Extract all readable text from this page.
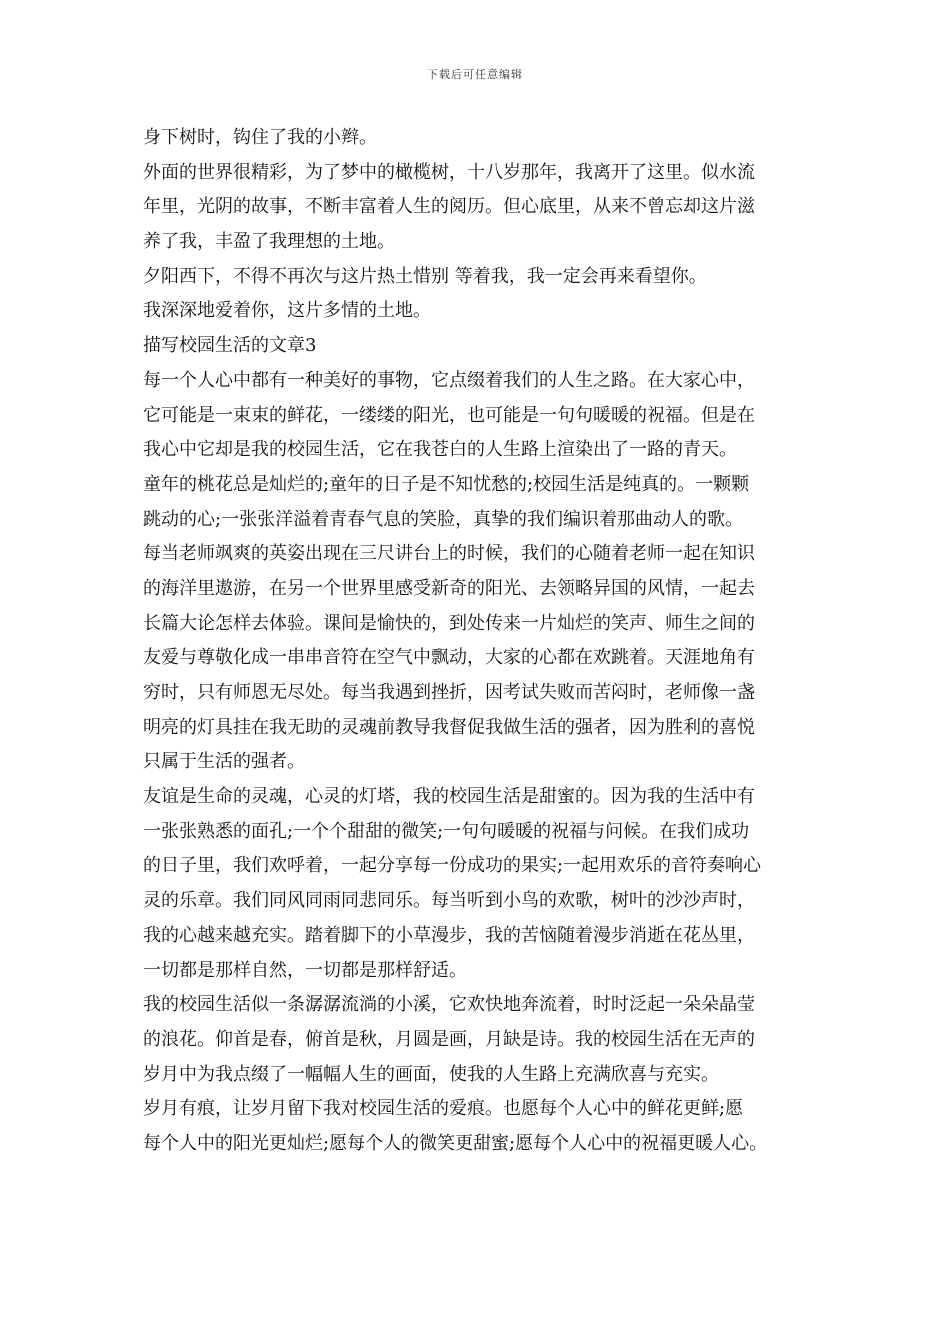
下载后可任意编辑
身下树时，钩住了我的小辫。
外面的世界很精彩，为了梦中的橄榄树，十八岁那年，我离开了这里。似水流
年里，光阴的故事，不断丰富着人生的阅历。但心底里，从来不曾忘却这片滋
养了我，丰盈了我理想的土地。
夕阳西下，不得不再次与这片热土惜别 等着我，我一定会再来看望你。
我深深地爱着你，这片多情的土地。
描写校园生活的文章3
每一个人心中都有一种美好的事物，它点缀着我们的人生之路。在大家心中，
它可能是一束束的鲜花，一缕缕的阳光，也可能是一句句暖暖的祝福。但是在
我心中它却是我的校园生活，它在我苍白的人生路上渲染出了一路的青天。
童年的桃花总是灿烂的;童年的日子是不知忧愁的;校园生活是纯真的。一颗颗
跳动的心;一张张洋溢着青春气息的笑脸，真挚的我们编识着那曲动人的歌。
每当老师飒爽的英姿出现在三尺讲台上的时候，我们的心随着老师一起在知识
的海洋里遨游，在另一个世界里感受新奇的阳光、去领略异国的风情，一起去
长篇大论怎样去体验。课间是愉快的，到处传来一片灿烂的笑声、师生之间的
友爱与尊敬化成一串串音符在空气中飘动，大家的心都在欢跳着。天涯地角有
穷时，只有师恩无尽处。每当我遇到挫折，因考试失败而苦闷时，老师像一盏
明亮的灯具挂在我无助的灵魂前教导我督促我做生活的强者，因为胜利的喜悦
只属于生活的强者。
友谊是生命的灵魂，心灵的灯塔，我的校园生活是甜蜜的。因为我的生活中有
一张张熟悉的面孔;一个个甜甜的微笑;一句句暖暖的祝福与问候。在我们成功
的日子里，我们欢呼着，一起分享每一份成功的果实;一起用欢乐的音符奏响心
灵的乐章。我们同风同雨同悲同乐。每当听到小鸟的欢歌，树叶的沙沙声时，
我的心越来越充实。踏着脚下的小草漫步，我的苦恼随着漫步消逝在花丛里，
一切都是那样自然，一切都是那样舒适。
我的校园生活似一条潺潺流淌的小溪，它欢快地奔流着，时时泛起一朵朵晶莹
的浪花。仰首是春，俯首是秋，月圆是画，月缺是诗。我的校园生活在无声的
岁月中为我点缀了一幅幅人生的画面，使我的人生路上充满欣喜与充实。
岁月有痕，让岁月留下我对校园生活的爱痕。也愿每个人心中的鲜花更鲜;愿
每个人中的阳光更灿烂;愿每个人的微笑更甜蜜;愿每个人心中的祝福更暖人心。
